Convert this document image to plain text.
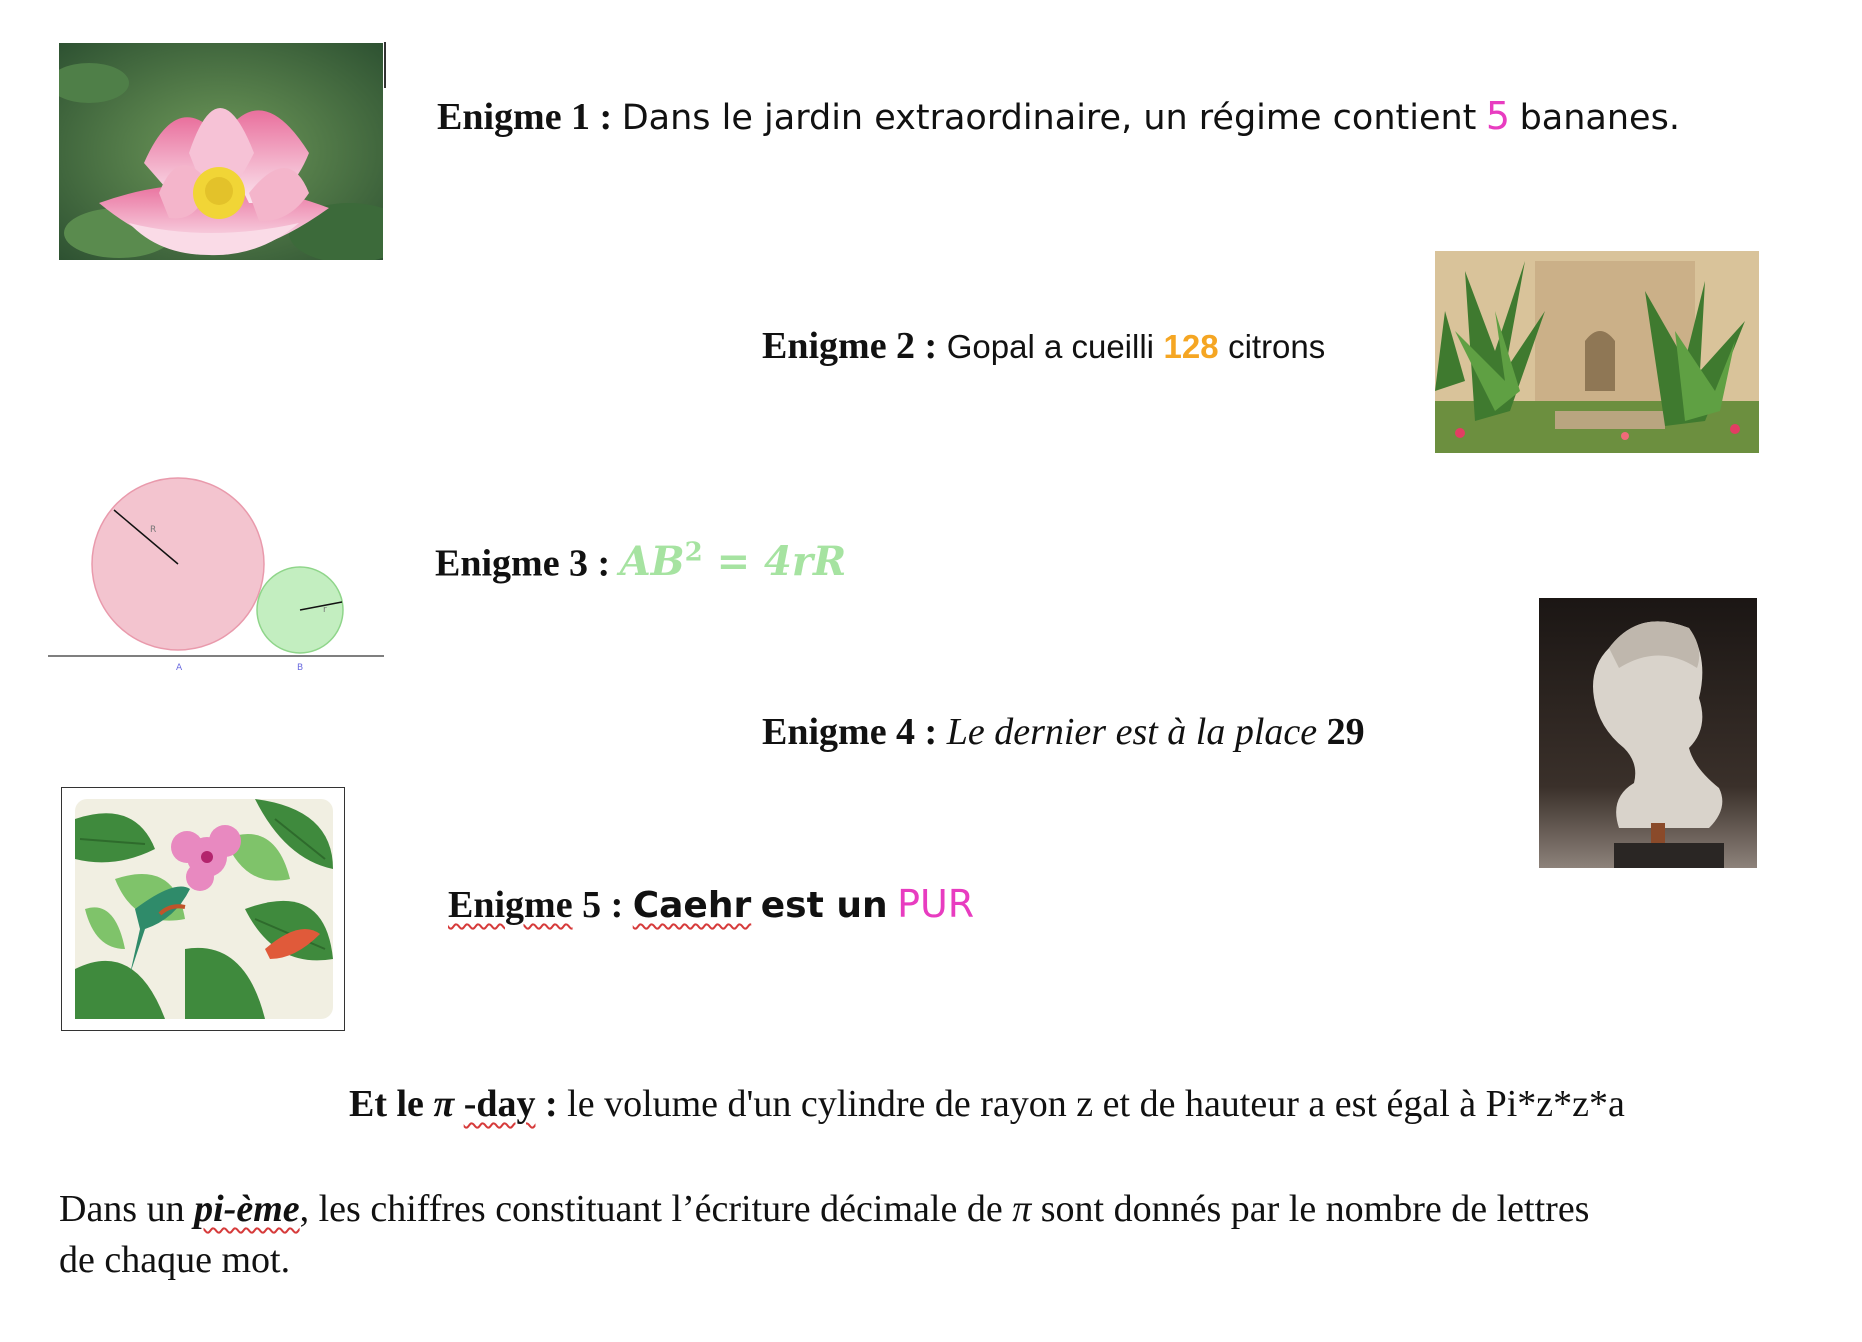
Enigme 1 : Dans le jardin extraordinaire, un régime contient 5 bananes.
Enigme 2 : Gopal a cueilli 128 citrons
R
r
A	B
Enigme 3 : $AB^2 = 4rR$
Enigme 4 : Le dernier est à la place 29
Enigme 5 : Caehr est un PUR
Et le π -day : le volume d'un cylindre de rayon z et de hauteur a est égal à Pi*z*z*a
Dans un pi-ème, les chiffres constituant l’écriture décimale de π sont donnés par le nombre de lettres
de chaque mot.
